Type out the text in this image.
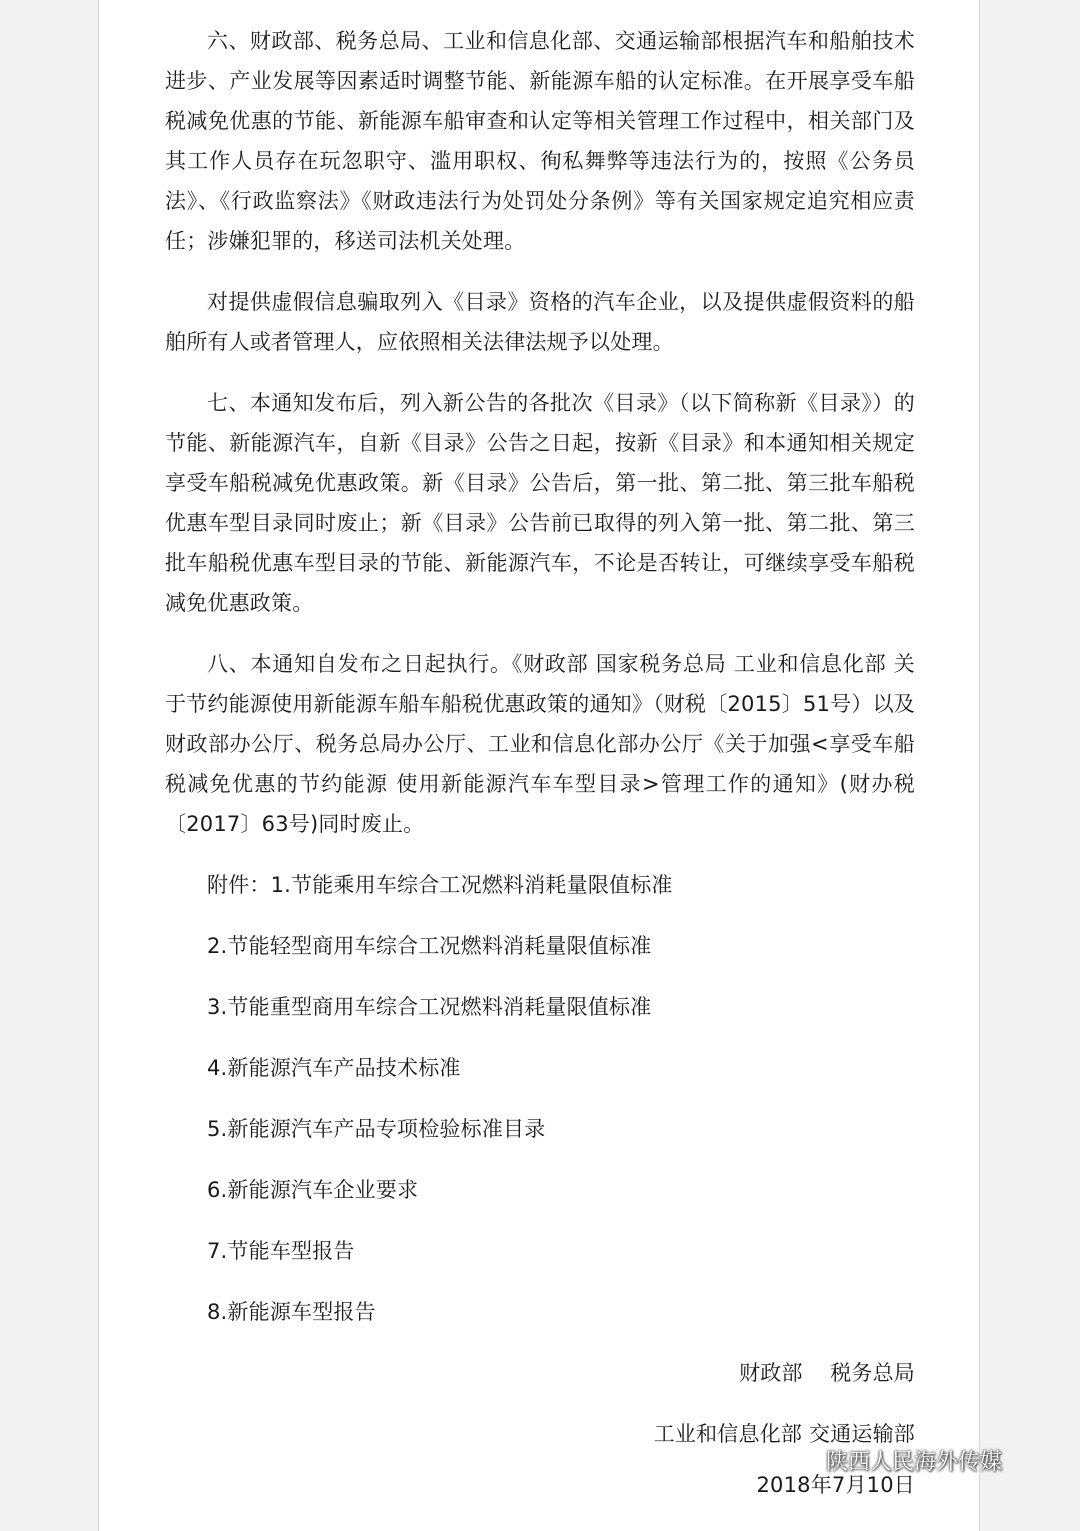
六、财政部、税务总局、工业和信息化部、交通运输部根据汽车和船舶技术进步、产业发展等因素适时调整节能、新能源车船的认定标准。在开展享受车船税减免优惠的节能、新能源车船审查和认定等相关管理工作过程中，相关部门及其工作人员存在玩忽职守、滥用职权、徇私舞弊等违法行为的，按照《公务员法》、《行政监察法》《财政违法行为处罚处分条例》等有关国家规定追究相应责任；涉嫌犯罪的，移送司法机关处理。

对提供虚假信息骗取列入《目录》资格的汽车企业，以及提供虚假资料的船舶所有人或者管理人，应依照相关法律法规予以处理。

七、本通知发布后，列入新公告的各批次《目录》（以下简称新《目录》）的节能、新能源汽车，自新《目录》公告之日起，按新《目录》和本通知相关规定享受车船税减免优惠政策。新《目录》公告后，第一批、第二批、第三批车船税优惠车型目录同时废止；新《目录》公告前已取得的列入第一批、第二批、第三批车船税优惠车型目录的节能、新能源汽车，不论是否转让，可继续享受车船税减免优惠政策。

八、本通知自发布之日起执行。《财政部 国家税务总局 工业和信息化部 关于节约能源使用新能源车船车船税优惠政策的通知》（财税〔2015〕51号）以及财政部办公厅、税务总局办公厅、工业和信息化部办公厅《关于加强<享受车船税减免优惠的节约能源 使用新能源汽车车型目录>管理工作的通知》(财办税〔2017〕63号)同时废止。

附件：1.节能乘用车综合工况燃料消耗量限值标准
2.节能轻型商用车综合工况燃料消耗量限值标准
3.节能重型商用车综合工况燃料消耗量限值标准
4.新能源汽车产品技术标准
5.新能源汽车产品专项检验标准目录
6.新能源汽车企业要求
7.节能车型报告
8.新能源车型报告
财政部    税务总局
工业和信息化部 交通运输部
2018年7月10日
陕西人民海外传媒
